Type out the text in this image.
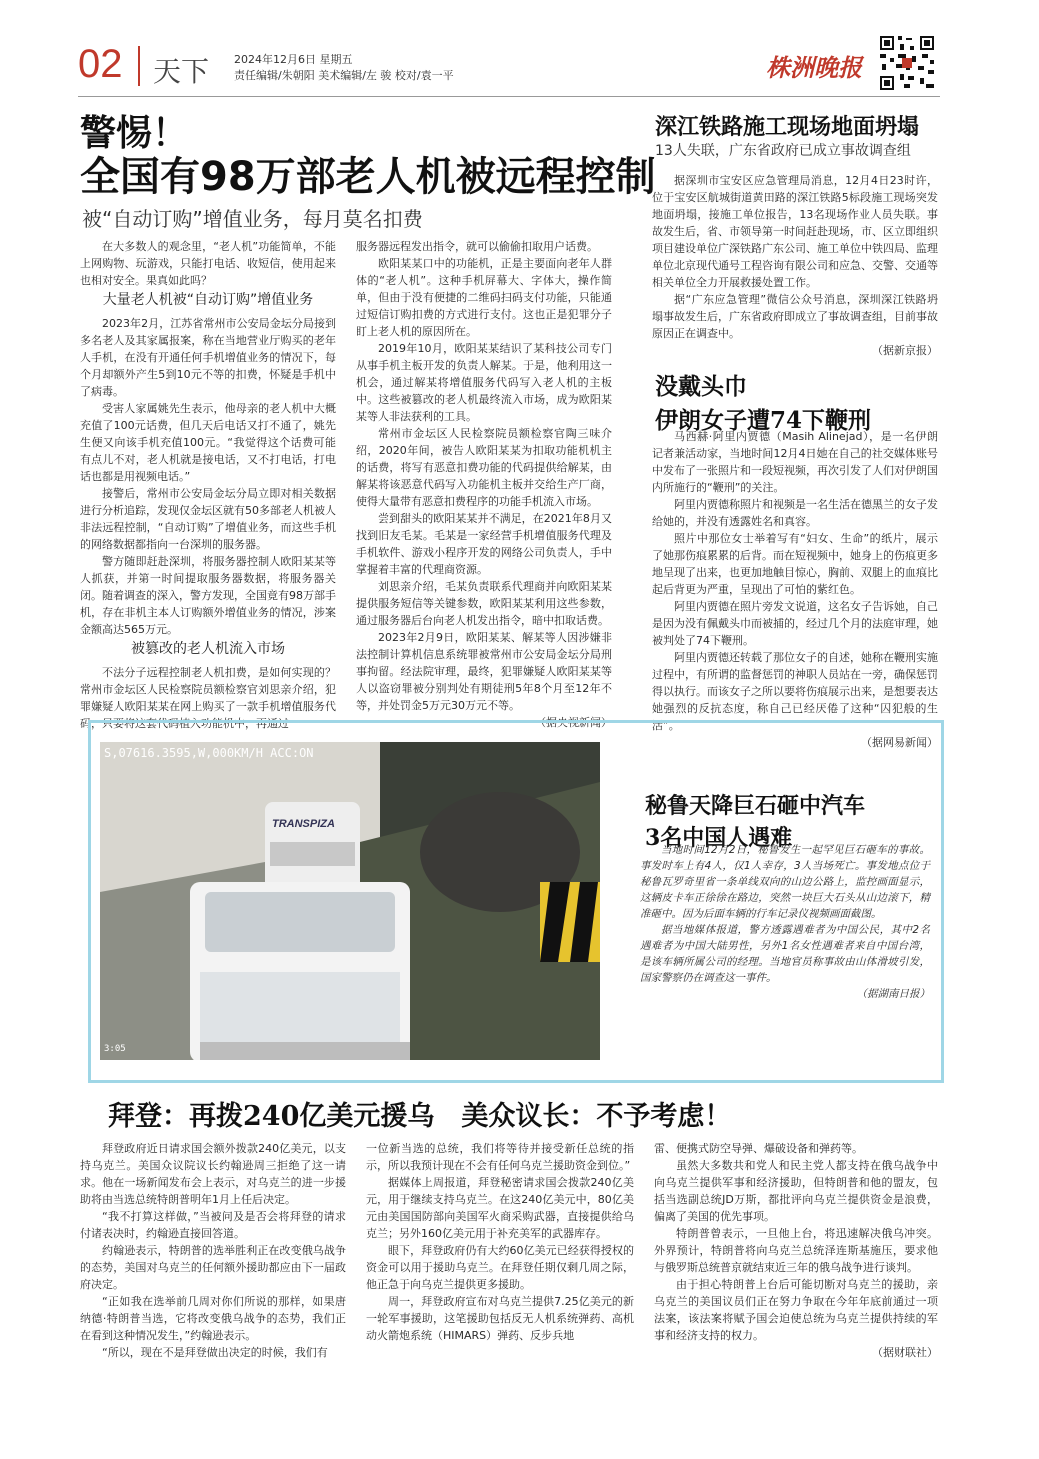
02 天下 2024年12月6日 星期五
责任编辑/朱朝阳 美术编辑/左 骏 校对/袁一平	株洲晚报
警惕！
全国有98万部老人机被远程控制
被“自动订购”增值业务，每月莫名扣费

在大多数人的观念里，“老人机”功能简单，不能上网购物、玩游戏，只能打电话、收短信，使用起来也相对安全。果真如此吗？

大量老人机被“自动订购”增值业务

2023年2月，江苏省常州市公安局金坛分局接到多名老人及其家属报案，称在当地营业厅购买的老年人手机，在没有开通任何手机增值业务的情况下，每个月却额外产生5到10元不等的扣费，怀疑是手机中了病毒。

受害人家属姚先生表示，他母亲的老人机中大概充值了100元话费，但几天后电话又打不通了，姚先生便又向该手机充值100元。“我觉得这个话费可能有点儿不对，老人机就是接电话，又不打电话，打电话也都是用视频电话。”

接警后，常州市公安局金坛分局立即对相关数据进行分析追踪，发现仅金坛区就有50多部老人机被人非法远程控制，“自动订购”了增值业务，而这些手机的网络数据都指向一台深圳的服务器。

警方随即赶赴深圳，将服务器控制人欧阳某某等人抓获，并第一时间提取服务器数据，将服务器关闭。随着调查的深入，警方发现，全国竟有98万部手机，存在非机主本人订购额外增值业务的情况，涉案金额高达565万元。

被篡改的老人机流入市场

不法分子远程控制老人机扣费，是如何实现的？常州市金坛区人民检察院员额检察官刘思亲介绍，犯罪嫌疑人欧阳某某在网上购买了一款手机增值服务代码，只要将这套代码植入功能机中，再通过

服务器远程发出指令，就可以偷偷扣取用户话费。

欧阳某某口中的功能机，正是主要面向老年人群体的“老人机”。这种手机屏幕大、字体大，操作简单，但由于没有便捷的二维码扫码支付功能，只能通过短信订购扣费的方式进行支付。这也正是犯罪分子盯上老人机的原因所在。

2019年10月，欧阳某某结识了某科技公司专门从事手机主板开发的负责人解某。于是，他利用这一机会，通过解某将增值服务代码写入老人机的主板中。这些被篡改的老人机最终流入市场，成为欧阳某某等人非法获利的工具。

常州市金坛区人民检察院员额检察官陶三味介绍，2020年间，被告人欧阳某某为扣取功能机机主的话费，将写有恶意扣费功能的代码提供给解某，由解某将该恶意代码写入功能机主板并交给生产厂商，使得大量带有恶意扣费程序的功能手机流入市场。

尝到甜头的欧阳某某并不满足，在2021年8月又找到旧友毛某。毛某是一家经营手机增值服务代理及手机软件、游戏小程序开发的网络公司负责人，手中掌握着丰富的代理商资源。

刘思亲介绍，毛某负责联系代理商并向欧阳某某提供服务短信等关键参数，欧阳某某利用这些参数，通过服务器后台向老人机发出指令，暗中扣取话费。

2023年2月9日，欧阳某某、解某等人因涉嫌非法控制计算机信息系统罪被常州市公安局金坛分局刑事拘留。经法院审理，最终，犯罪嫌疑人欧阳某某等人以盗窃罪被分别判处有期徒刑5年8个月至12年不等，并处罚金5万元30万元不等。

（据央视新闻）

深江铁路施工现场地面坍塌
13人失联，广东省政府已成立事故调查组

据深圳市宝安区应急管理局消息，12月4日23时许，位于宝安区航城街道黄田路的深江铁路5标段施工现场突发地面坍塌，接施工单位报告，13名现场作业人员失联。事故发生后，省、市领导第一时间赶赴现场，市、区立即组织项目建设单位广深铁路广东公司、施工单位中铁四局、监理单位北京现代通号工程咨询有限公司和应急、交警、交通等相关单位全力开展救援处置工作。

据“广东应急管理”微信公众号消息，深圳深江铁路坍塌事故发生后，广东省政府即成立了事故调查组，目前事故原因正在调查中。

（据新京报）

没戴头巾
伊朗女子遭74下鞭刑

马西赫·阿里内贾德（Masih Alinejad），是一名伊朗记者兼活动家，当地时间12月4日她在自己的社交媒体账号中发布了一张照片和一段短视频，再次引发了人们对伊朗国内所施行的“鞭刑”的关注。

阿里内贾德称照片和视频是一名生活在德黑兰的女子发给她的，并没有透露姓名和真容。

照片中那位女士举着写有“妇女、生命”的纸片，展示了她那伤痕累累的后背。而在短视频中，她身上的伤痕更多地呈现了出来，也更加地触目惊心，胸前、双腿上的血痕比起后背更为严重，呈现出了可怕的紫红色。

阿里内贾德在照片旁发文说道，这名女子告诉她，自己是因为没有佩戴头巾而被捕的，经过几个月的法庭审理，她被判处了74下鞭刑。

阿里内贾德还转载了那位女子的自述，她称在鞭刑实施过程中，有所谓的监督惩罚的神职人员站在一旁，确保惩罚得以执行。而该女子之所以要将伤痕展示出来，是想要表达她强烈的反抗态度，称自己已经厌倦了这种“囚犯般的生活”。

（据网易新闻）

S,07616.3595,W,000KM/H ACC:ON
TRANSPIZA
3:05
秘鲁天降巨石砸中汽车
3名中国人遇难

当地时间12月2日，秘鲁发生一起罕见巨石砸车的事故。事发时车上有4人，仅1人幸存，3人当场死亡。事发地点位于秘鲁瓦罗奇里省一条单线双向的山边公路上，监控画面显示，这辆皮卡车正徐徐在路边，突然一块巨大石头从山边滚下，精准砸中。因为后面车辆的行车记录仪视频画面截图。

据当地媒体报道，警方透露遇难者为中国公民，其中2名遇难者为中国大陆男性，另外1名女性遇难者来自中国台湾，是该车辆所属公司的经理。当地官员称事故由山体滑坡引发，国家警察仍在调查这一事件。

（据湖南日报）

拜登：再拨240亿美元援乌　美众议长：不予考虑！

拜登政府近日请求国会额外拨款240亿美元，以支持乌克兰。美国众议院议长约翰逊周三拒绝了这一请求。他在一场新闻发布会上表示，对乌克兰的进一步援助将由当选总统特朗普明年1月上任后决定。

“我不打算这样做，”当被问及是否会将拜登的请求付诸表决时，约翰逊直接回答道。

约翰逊表示，特朗普的选举胜利正在改变俄乌战争的态势，美国对乌克兰的任何额外援助都应由下一届政府决定。

“正如我在选举前几周对你们所说的那样，如果唐纳德·特朗普当选，它将改变俄乌战争的态势，我们正在看到这种情况发生，”约翰逊表示。

“所以，现在不是拜登做出决定的时候，我们有

一位新当选的总统，我们将等待并接受新任总统的指示，所以我预计现在不会有任何乌克兰援助资金到位。”

据媒体上周报道，拜登秘密请求国会拨款240亿美元，用于继续支持乌克兰。在这240亿美元中，80亿美元由美国国防部向美国军火商采购武器，直接提供给乌克兰；另外160亿美元用于补充美军的武器库存。

眼下，拜登政府仍有大约60亿美元已经获得授权的资金可以用于援助乌克兰。在拜登任期仅剩几周之际，他正急于向乌克兰提供更多援助。

周一，拜登政府宣布对乌克兰提供7.25亿美元的新一轮军事援助，这笔援助包括反无人机系统弹药、高机动火箭炮系统（HIMARS）弹药、反步兵地

雷、便携式防空导弹、爆破设备和弹药等。

虽然大多数共和党人和民主党人都支持在俄乌战争中向乌克兰提供军事和经济援助，但特朗普和他的盟友，包括当选副总统JD万斯，都批评向乌克兰提供资金是浪费，偏离了美国的优先事项。

特朗普曾表示，一旦他上台，将迅速解决俄乌冲突。外界预计，特朗普将向乌克兰总统泽连斯基施压，要求他与俄罗斯总统普京就结束近三年的俄乌战争进行谈判。

由于担心特朗普上台后可能切断对乌克兰的援助，亲乌克兰的美国议员们正在努力争取在今年年底前通过一项法案，该法案将赋予国会迫使总统为乌克兰提供持续的军事和经济支持的权力。

（据财联社）
